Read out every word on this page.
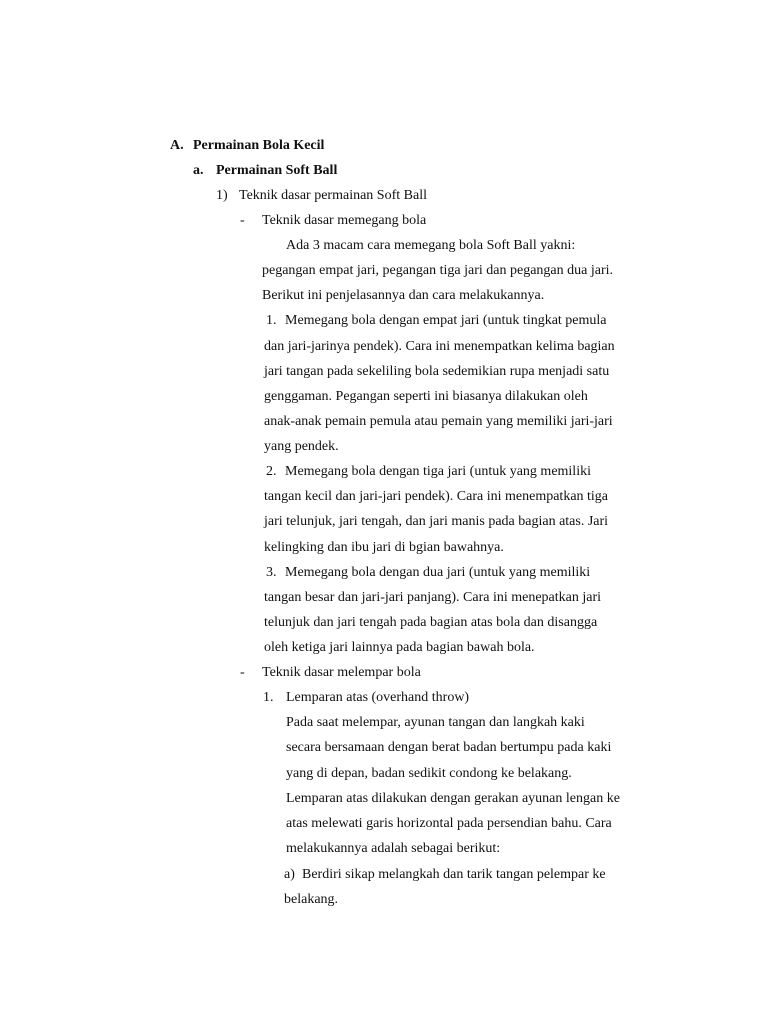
A. Permainan Bola Kecil
a. Permainan Soft Ball
1) Teknik dasar permainan Soft Ball
- Teknik dasar memegang bola
Ada 3 macam cara memegang bola Soft Ball yakni:
pegangan empat jari, pegangan tiga jari dan pegangan dua jari.
Berikut ini penjelasannya dan cara melakukannya.
1. Memegang bola dengan empat jari (untuk tingkat pemula
dan jari-jarinya pendek). Cara ini menempatkan kelima bagian
jari tangan pada sekeliling bola sedemikian rupa menjadi satu
genggaman. Pegangan seperti ini biasanya dilakukan oleh
anak-anak pemain pemula atau pemain yang memiliki jari-jari
yang pendek.
2. Memegang bola dengan tiga jari (untuk yang memiliki
tangan kecil dan jari-jari pendek). Cara ini menempatkan tiga
jari telunjuk, jari tengah, dan jari manis pada bagian atas. Jari
kelingking dan ibu jari di bgian bawahnya.
3. Memegang bola dengan dua jari (untuk yang memiliki
tangan besar dan jari-jari panjang). Cara ini menepatkan jari
telunjuk dan jari tengah pada bagian atas bola dan disangga
oleh ketiga jari lainnya pada bagian bawah bola.
- Teknik dasar melempar bola
1. Lemparan atas (overhand throw)
Pada saat melempar, ayunan tangan dan langkah kaki
secara bersamaan dengan berat badan bertumpu pada kaki
yang di depan, badan sedikit condong ke belakang.
Lemparan atas dilakukan dengan gerakan ayunan lengan ke
atas melewati garis horizontal pada persendian bahu. Cara
melakukannya adalah sebagai berikut:
a) Berdiri sikap melangkah dan tarik tangan pelempar ke
belakang.
